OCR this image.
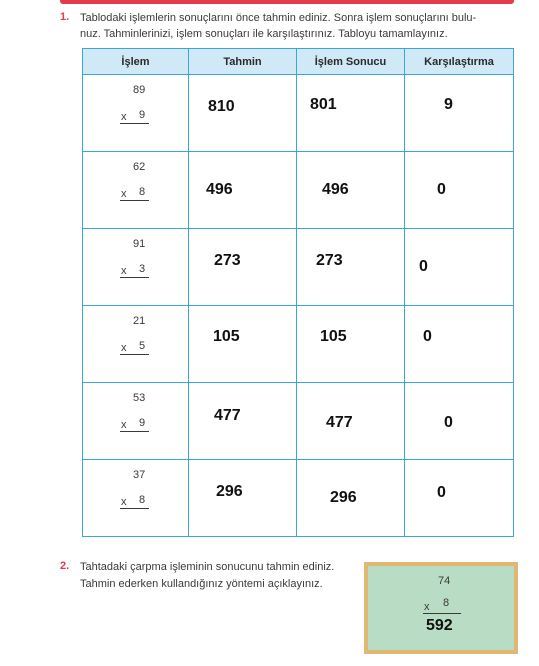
1. Tablodaki işlemlerin sonuçlarını önce tahmin ediniz. Sonra işlem sonuçlarını bulu-
nuz. Tahminlerinizi, işlem sonuçları ile karşılaştırınız. Tabloyu tamamlayınız.
İşlem	Tahmin	İşlem Sonucu	Karşılaştırma

89
x 9	810	801	9

62
x 8	496	496	0

91
x 3	273	273	0

21
x 5	105	105	0

53
x 9	477	477	0

37
x 8	296	296	0
2. Tahtadaki çarpma işleminin sonucunu tahmin ediniz.
Tahmin ederken kullandığınız yöntemi açıklayınız.	74
x 8
592
